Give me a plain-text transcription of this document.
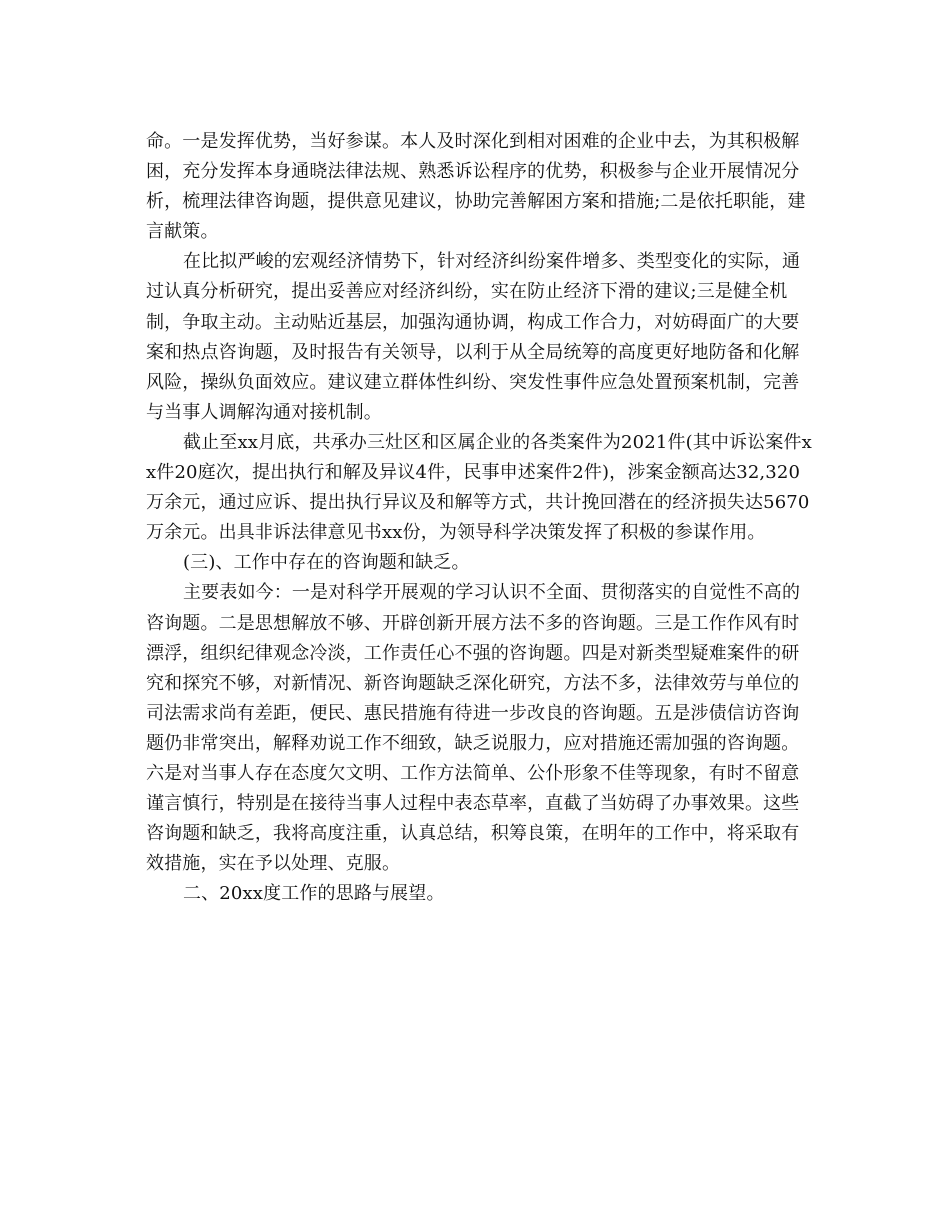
命。一是发挥优势，当好参谋。本人及时深化到相对困难的企业中去，为其积极解困，充分发挥本身通晓法律法规、熟悉诉讼程序的优势，积极参与企业开展情况分析，梳理法律咨询题，提供意见建议，协助完善解困方案和措施;二是依托职能，建言献策。

在比拟严峻的宏观经济情势下，针对经济纠纷案件增多、类型变化的实际，通过认真分析研究，提出妥善应对经济纠纷，实在防止经济下滑的建议;三是健全机制，争取主动。主动贴近基层，加强沟通协调，构成工作合力，对妨碍面广的大要案和热点咨询题，及时报告有关领导，以利于从全局统筹的高度更好地防备和化解风险，操纵负面效应。建议建立群体性纠纷、突发性事件应急处置预案机制，完善与当事人调解沟通对接机制。

截止至xx月底，共承办三灶区和区属企业的各类案件为2021件(其中诉讼案件xx件20庭次，提出执行和解及异议4件，民事申述案件2件)，涉案金额高达32,320万余元，通过应诉、提出执行异议及和解等方式，共计挽回潜在的经济损失达5670万余元。出具非诉法律意见书xx份，为领导科学决策发挥了积极的参谋作用。

(三)、工作中存在的咨询题和缺乏。

主要表如今：一是对科学开展观的学习认识不全面、贯彻落实的自觉性不高的咨询题。二是思想解放不够、开辟创新开展方法不多的咨询题。三是工作作风有时漂浮，组织纪律观念冷淡，工作责任心不强的咨询题。四是对新类型疑难案件的研究和探究不够，对新情况、新咨询题缺乏深化研究，方法不多，法律效劳与单位的司法需求尚有差距，便民、惠民措施有待进一步改良的咨询题。五是涉债信访咨询题仍非常突出，解释劝说工作不细致，缺乏说服力，应对措施还需加强的咨询题。六是对当事人存在态度欠文明、工作方法简单、公仆形象不佳等现象，有时不留意谨言慎行，特别是在接待当事人过程中表态草率，直截了当妨碍了办事效果。这些咨询题和缺乏，我将高度注重，认真总结，积筹良策，在明年的工作中，将采取有效措施，实在予以处理、克服。

二、20xx度工作的思路与展望。
